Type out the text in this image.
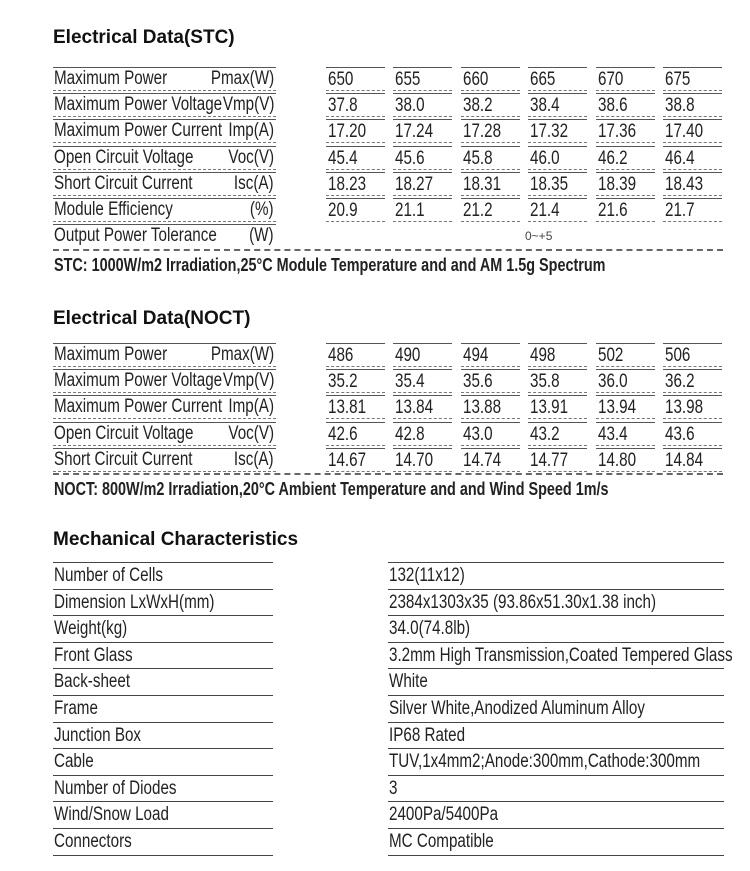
Electrical Data(STC)
Maximum Power	Pmax(W)	650 655 660 665 670 675
Maximum Power Voltage Vmp(V)	37.8 38.0 38.2 38.4 38.6 38.8
Maximum Power Current Imp(A)	17.20 17.24 17.28 17.32 17.36 17.40
Open Circuit Voltage	Voc(V)	45.4 45.6 45.8 46.0 46.2 46.4
Short Circuit Current	Isc(A)	18.23 18.27 18.31 18.35 18.39 18.43
Module Efficiency	(%)	20.9 21.1 21.2 21.4 21.6 21.7
Output Power Tolerance	(W)	0~+5
STC: 1000W/m2 Irradiation,25°C Module Temperature and and AM 1.5g Spectrum
Electrical Data(NOCT)
Maximum Power	Pmax(W)	486 490 494 498 502 506
Maximum Power Voltage Vmp(V)	35.2 35.4 35.6 35.8 36.0 36.2
Maximum Power Current Imp(A)	13.81 13.84 13.88 13.91 13.94 13.98
Open Circuit Voltage	Voc(V)	42.6 42.8 43.0 43.2 43.4 43.6
Short Circuit Current	Isc(A)	14.67 14.70 14.74 14.77 14.80 14.84
NOCT: 800W/m2 Irradiation,20°C Ambient Temperature and and Wind Speed 1m/s
Mechanical Characteristics
Number of Cells	132(11x12)
Dimension LxWxH(mm)	2384x1303x35 (93.86x51.30x1.38 inch)
Weight(kg)	34.0(74.8lb)
Front Glass	3.2mm High Transmission,Coated Tempered Glass
Back-sheet	White
Frame	Silver White,Anodized Aluminum Alloy
Junction Box	IP68 Rated
Cable	TUV,1x4mm2;Anode:300mm,Cathode:300mm
Number of Diodes	3
Wind/Snow Load	2400Pa/5400Pa
Connectors	MC Compatible
